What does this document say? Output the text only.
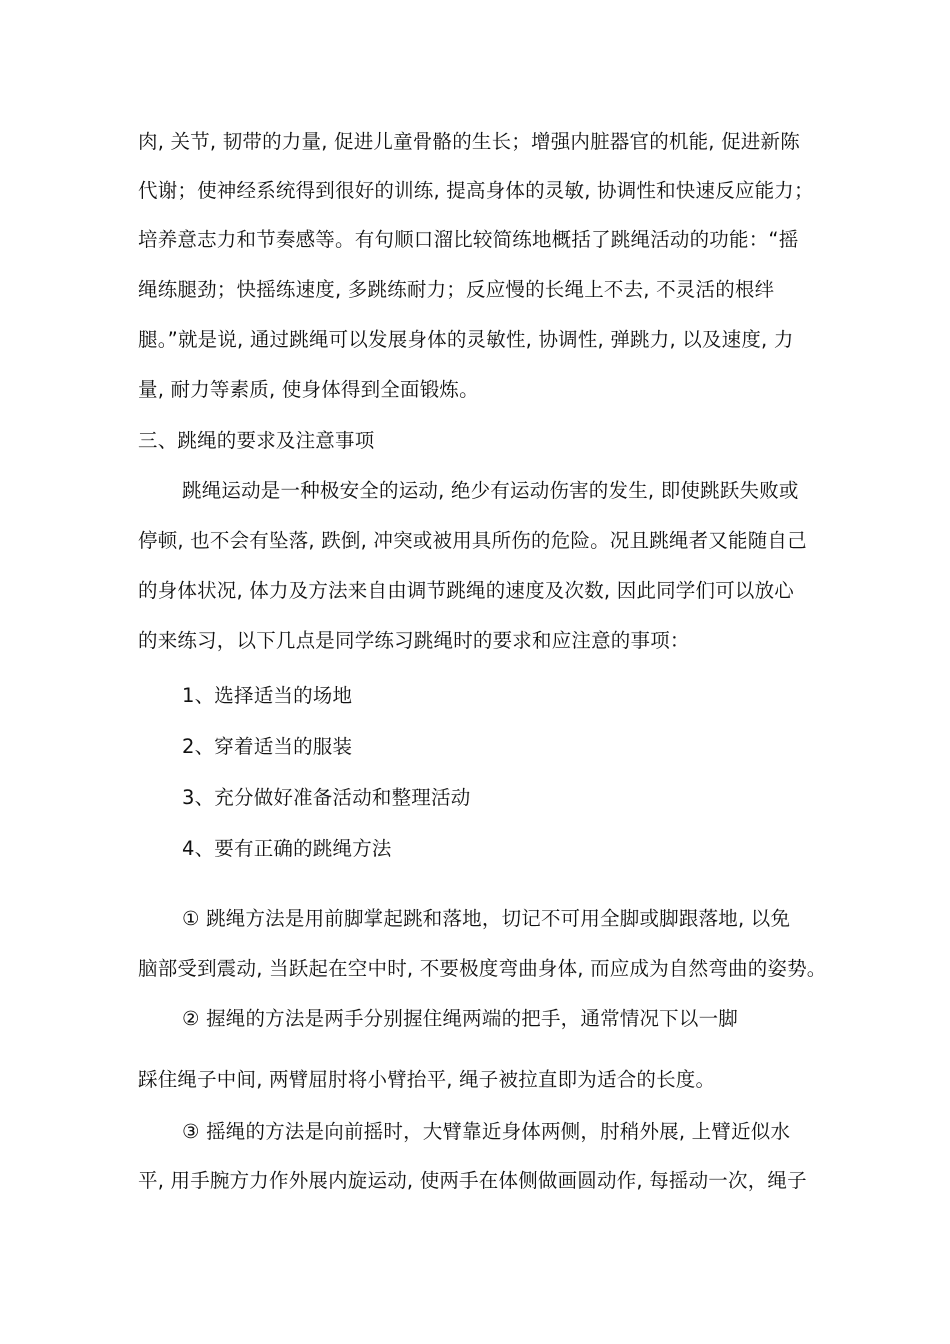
肉, 关节, 韧带的力量, 促进儿童骨骼的生长；增强内脏器官的机能, 促进新陈
代谢；使神经系统得到很好的训练, 提高身体的灵敏, 协调性和快速反应能力；
培养意志力和节奏感等。有句顺口溜比较简练地概括了跳绳活动的功能：“摇
绳练腿劲；快摇练速度, 多跳练耐力；反应慢的长绳上不去, 不灵活的根绊
腿。”就是说, 通过跳绳可以发展身体的灵敏性, 协调性, 弹跳力, 以及速度, 力
量, 耐力等素质, 使身体得到全面锻炼。
三、跳绳的要求及注意事项
跳绳运动是一种极安全的运动, 绝少有运动伤害的发生, 即使跳跃失败或
停顿, 也不会有坠落, 跌倒, 冲突或被用具所伤的危险。况且跳绳者又能随自己
的身体状况, 体力及方法来自由调节跳绳的速度及次数, 因此同学们可以放心
的来练习，以下几点是同学练习跳绳时的要求和应注意的事项：
1、选择适当的场地
2、穿着适当的服装
3、充分做好准备活动和整理活动
4、要有正确的跳绳方法
① 跳绳方法是用前脚掌起跳和落地，切记不可用全脚或脚跟落地, 以免
脑部受到震动, 当跃起在空中时, 不要极度弯曲身体, 而应成为自然弯曲的姿势。
② 握绳的方法是两手分别握住绳两端的把手，通常情况下以一脚
踩住绳子中间, 两臂屈肘将小臂抬平, 绳子被拉直即为适合的长度。
③ 摇绳的方法是向前摇时，大臂靠近身体两侧，肘稍外展, 上臂近似水
平, 用手腕方力作外展内旋运动, 使两手在体侧做画圆动作, 每摇动一次，绳子
